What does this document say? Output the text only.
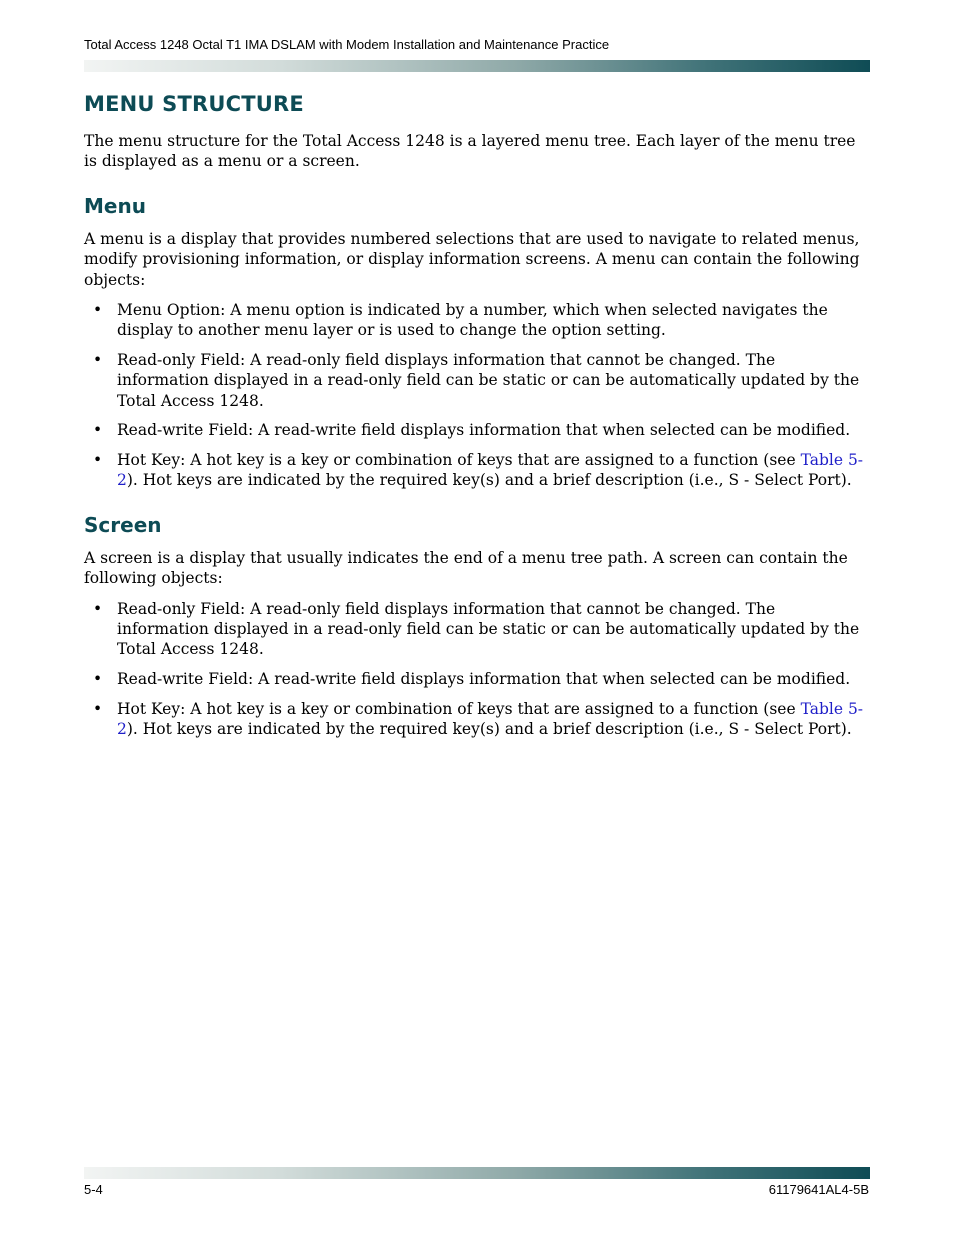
Total Access 1248 Octal T1 IMA DSLAM with Modem Installation and Maintenance Practice
MENU STRUCTURE

The menu structure for the Total Access 1248 is a layered menu tree. Each layer of the menu tree is displayed as a menu or a screen.

Menu

A menu is a display that provides numbered selections that are used to navigate to related menus, modify provisioning information, or display information screens. A menu can contain the following objects:

• Menu Option: A menu option is indicated by a number, which when selected navigates the display to another menu layer or is used to change the option setting.
• Read-only Field: A read-only field displays information that cannot be changed. The information displayed in a read-only field can be static or can be automatically updated by the Total Access 1248.
• Read-write Field: A read-write field displays information that when selected can be modified.
• Hot Key: A hot key is a key or combination of keys that are assigned to a function (see Table 5-2). Hot keys are indicated by the required key(s) and a brief description (i.e., S - Select Port).
Screen

A screen is a display that usually indicates the end of a menu tree path. A screen can contain the following objects:

• Read-only Field: A read-only field displays information that cannot be changed. The information displayed in a read-only field can be static or can be automatically updated by the Total Access 1248.
• Read-write Field: A read-write field displays information that when selected can be modified.
• Hot Key: A hot key is a key or combination of keys that are assigned to a function (see Table 5-2). Hot keys are indicated by the required key(s) and a brief description (i.e., S - Select Port).
5-4	61179641AL4-5B
